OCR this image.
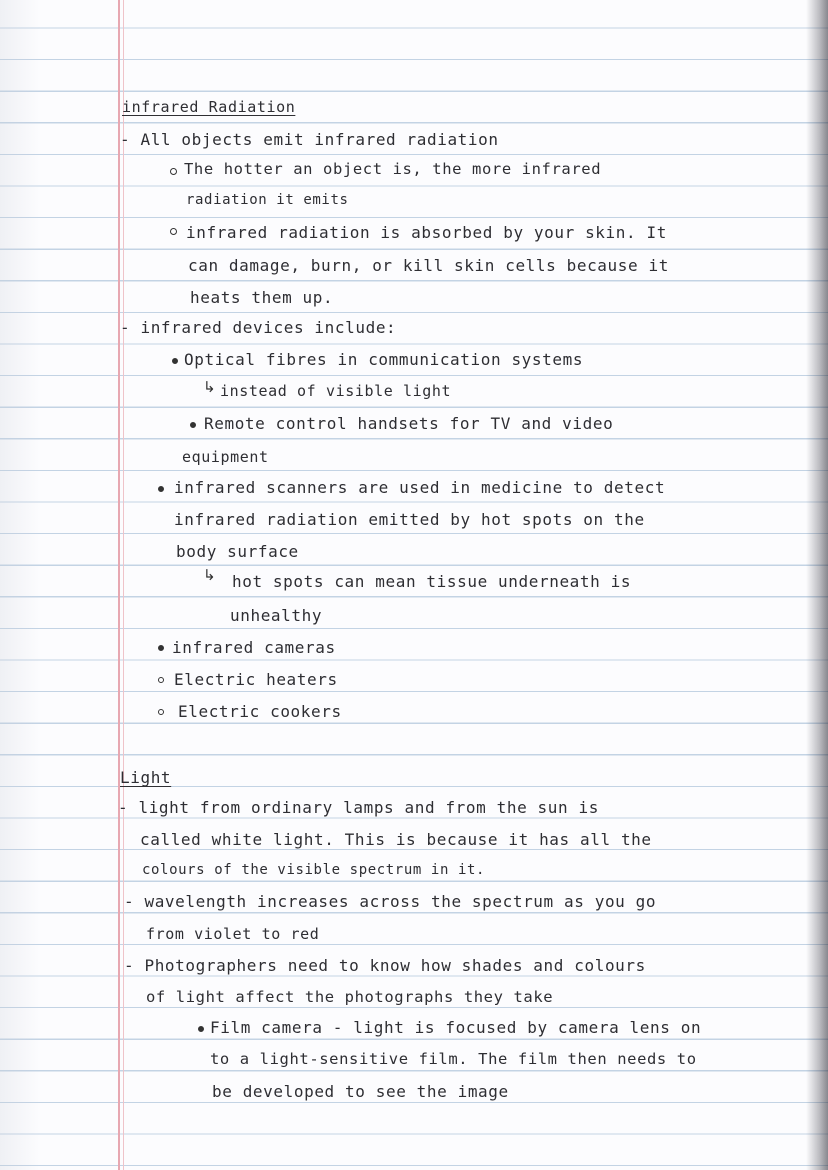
infrared Radiation
- All objects emit infrared radiation
The hotter an object is, the more infrared
radiation it emits
infrared radiation is absorbed by your skin. It
can damage, burn, or kill skin cells because it
heats them up.
- infrared devices include:
Optical fibres in communication systems
↳ instead of visible light
Remote control handsets for TV and video
equipment
infrared scanners are used in medicine to detect
infrared radiation emitted by hot spots on the
body surface
↳ hot spots can mean tissue underneath is
unhealthy
infrared cameras
Electric heaters
Electric cookers
Light
- light from ordinary lamps and from the sun is
called white light. This is because it has all the
colours of the visible spectrum in it.
- wavelength increases across the spectrum as you go
from violet to red
- Photographers need to know how shades and colours
of light affect the photographs they take
Film camera - light is focused by camera lens on
to a light-sensitive film. The film then needs to
be developed to see the image
